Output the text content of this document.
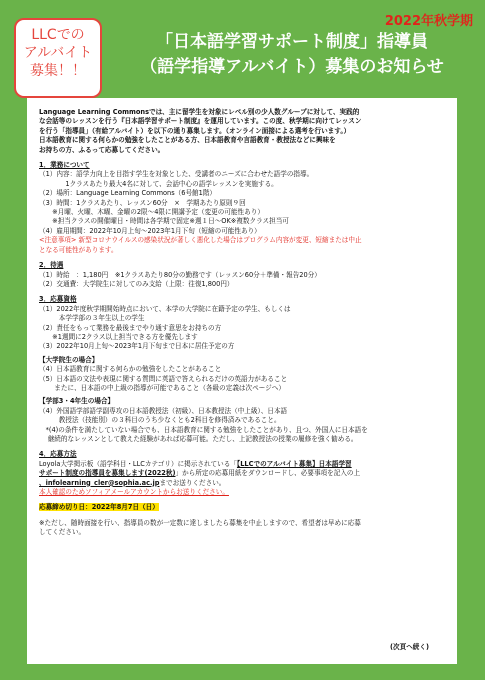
2022年秋学期
LLCでの
アルバイト
募集！！
「日本語学習サポート制度」指導員
（語学指導アルバイト）募集のお知らせ

Language Learning Commonsでは、主に留学生を対象にレベル別の少人数グループに対して、実践的

な会話等のレッスンを行う『日本語学習サポート制度』を運用しています。この度、秋学期に向けてレッスン

を行う「指導員」（有給アルバイト）を以下の通り募集します。（オンライン面接による選考を行います。）

日本語教育に関する何らかの勉強をしたことがある方、日本語教育や言語教育・教授法などに興味を

お持ちの方、ふるって応募してください。

1．業務について

（1）内容：語学力向上を目指す学生を対象とした、受講者のニーズに合わせた語学の指導。

　　　　1クラスあたり最大4名に対して、会話中心の語学レッスンを実施する。

（2）場所：Language Learning Commons（6号館1階）

（3）時間：1クラスあたり、レッスン60分　×　学期あたり原則９回

　　※月曜、火曜、木曜、金曜の2限〜4限に開講予定（変更の可能性あり）

　　※担当クラスの開催曜日・時間は各学期で固定※週１日〜OK※複数クラス担当可

（4）雇用期間：2022年10月上旬〜2023年1月下旬（短縮の可能性あり）

<注意事項> 新型コロナウイルスの感染状況が著しく悪化した場合はプログラム内容が変更、短縮または中止

となる可能性があります。

2．待遇

（1）時給　：1,180円　※1クラスあたり80分の勤務です（レッスン60分＋準備・報告20分）

（2）交通費：大学院生に対してのみ支給（上限：往復1,800円）

3．応募資格

（1）2022年度秋学期開始時点において、本学の大学院に在籍予定の学生、もしくは

　　　本学学部の３年生以上の学生

（2）責任をもって業務を最後までやり通す意思をお持ちの方

　　※1週間に2クラス以上担当できる方を優先します

（3）2022年10月上旬〜2023年1月下旬まで日本に居住予定の方

【大学院生の場合】

（4）日本語教育に関する何らかの勉強をしたことがあること

（5）日本語の文法や表現に関する質問に英語で答えられるだけの英語力があること

　　 またに、日本語の中上級の指導が可能であること（各級の定義は次ページへ）

【学部3・4年生の場合】

（4）外国語学部語学副専攻の日本語教授法（初級）、日本教授法（中上級）、日本語

　　　教授法（技能別）の３科目のうち少なくとも2科目を修得済みであること。

　*(4)の条件を満たしていない場合でも、日本語教育に関する勉強をしたことがあり、且つ、外国人に日本語を

　 継続的なレッスンとして教えた経験があれば応募可能。ただし、上記教授法の授業の履修を強く勧める。

4．応募方法

Loyola大学掲示板（語学科目・LLCカテゴリ）に掲示されている「【LLCでのアルバイト募集】日本語学習

サポート制度の指導員を募集します(2022秋)」から所定の応募用紙をダウンロードし、必要事項を記入の上

、infolearning_cler@sophia.ac.jpまでお送りください。

本人確認のためソフィアメールアカウントからお送りください。

応募締め切り日：2022年8月7日（日）

※ただし、随時面接を行い、指導員の数が一定数に達しましたら募集を中止しますので、希望者は早めに応募

してください。

(次頁へ続く)
